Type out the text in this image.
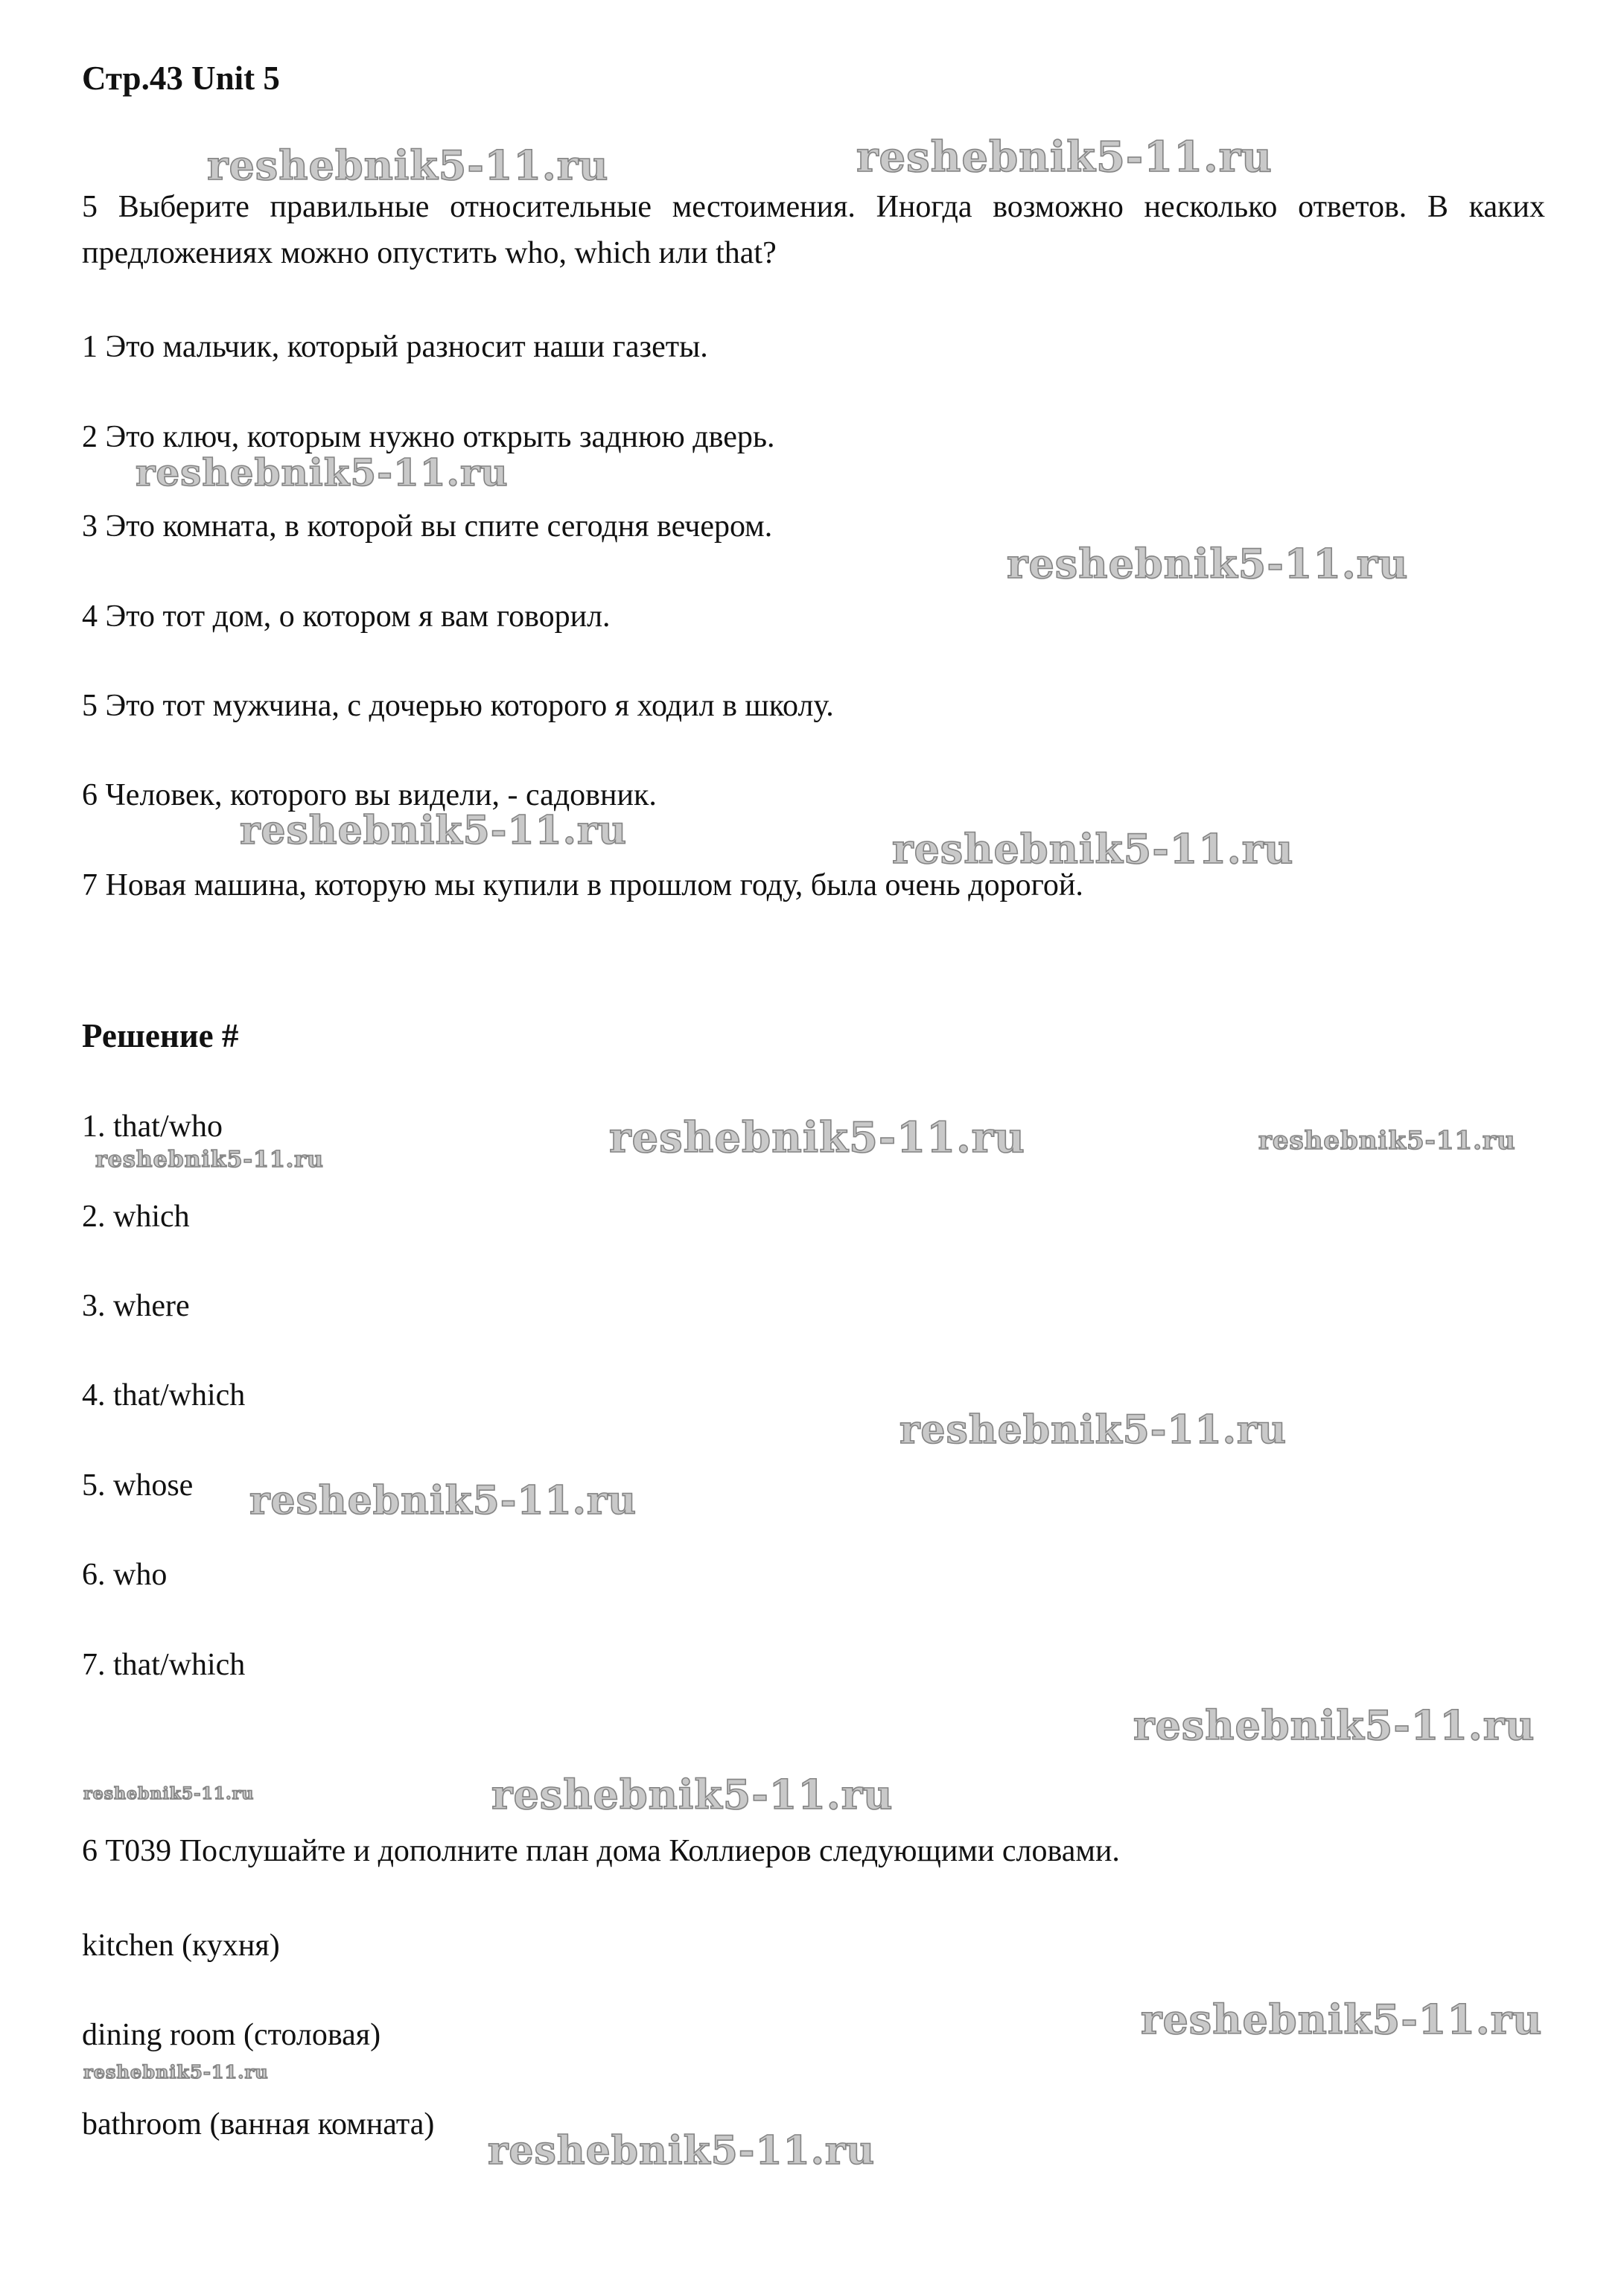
reshebnik5-11.ru	reshebnik5-11.ru
reshebnik5-11.ru
reshebnik5-11.ru
reshebnik5-11.ru	reshebnik5-11.ru
reshebnik5-11.ru	reshebnik5-11.ru
reshebnik5-11.ru
reshebnik5-11.ru
reshebnik5-11.ru
reshebnik5-11.ru
reshebnik5-11.ru
reshebnik5-11.ru
reshebnik5-11.ru
reshebnik5-11.ru
reshebnik5-11.ru

Стр.43 Unit 5

5 Выберите правильные относительные местоимения. Иногда возможно несколько ответов. В каких предложениях можно опустить who, which или that?

1 Это мальчик, который разносит наши газеты.

2 Это ключ, которым нужно открыть заднюю дверь.

3 Это комната, в которой вы спите сегодня вечером.

4 Это тот дом, о котором я вам говорил.

5 Это тот мужчина, с дочерью которого я ходил в школу.

6 Человек, которого вы видели, - садовник.

7 Новая машина, которую мы купили в прошлом году, была очень дорогой.

Решение #

1. that/who

2. which

3. where

4. that/which

5. whose

6. who

7. that/which

6 Т039 Послушайте и дополните план дома Коллиеров следующими словами.

kitchen (кухня)

dining room (столовая)

bathroom (ванная комната)
